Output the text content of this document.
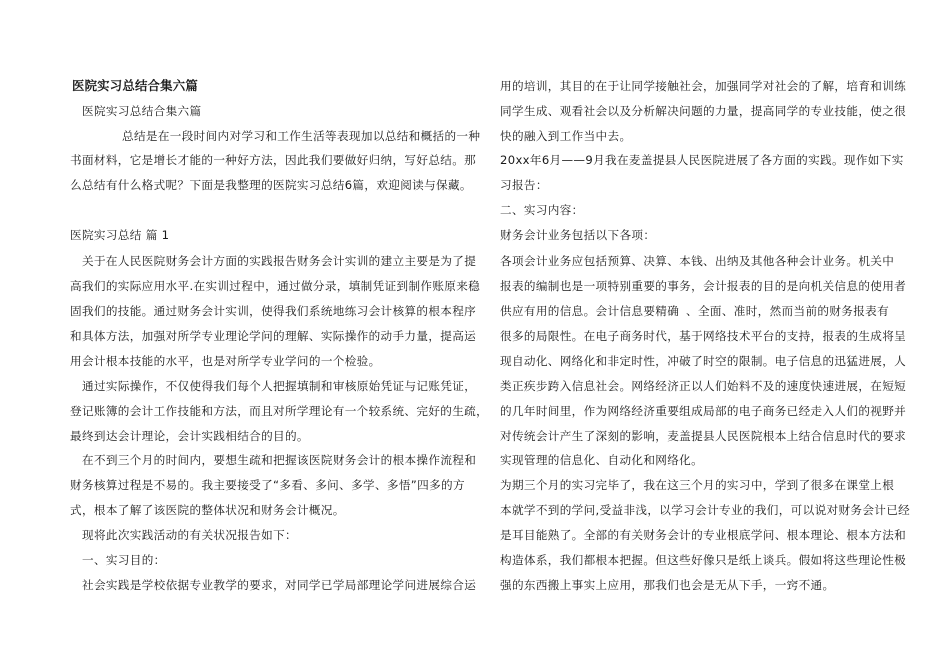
医院实习总结合集六篇
医院实习总结合集六篇
总结是在一段时间内对学习和工作生活等表现加以总结和概括的一种
书面材料，它是增长才能的一种好方法，因此我们要做好归纳，写好总结。那
么总结有什么格式呢？下面是我整理的医院实习总结6篇，欢迎阅读与保藏。
医院实习总结 篇 1
关于在人民医院财务会计方面的实践报告财务会计实训的建立主要是为了提
高我们的实际应用水平.在实训过程中，通过做分录，填制凭证到制作账原来稳
固我们的技能。通过财务会计实训，使得我们系统地练习会计核算的根本程序
和具体方法，加强对所学专业理论学问的理解、实际操作的动手力量，提高运
用会计根本技能的水平，也是对所学专业学问的一个检验。
通过实际操作，不仅使得我们每个人把握填制和审核原始凭证与记账凭证，
登记账簿的会计工作技能和方法，而且对所学理论有一个较系统、完好的生疏，
最终到达会计理论，会计实践相结合的目的。
在不到三个月的时间内，要想生疏和把握该医院财务会计的根本操作流程和
财务核算过程是不易的。我主要接受了“多看、多问、多学、多悟”四多的方
式，根本了解了该医院的整体状况和财务会计概况。
现将此次实践活动的有关状况报告如下：
一、实习目的：
社会实践是学校依据专业教学的要求，对同学已学局部理论学问进展综合运
用的培训，其目的在于让同学接触社会，加强同学对社会的了解，培育和训练
同学生成、观看社会以及分析解决问题的力量，提高同学的专业技能，使之很
快的融入到工作当中去。
20xx年6月——9月我在麦盖提县人民医院进展了各方面的实践。现作如下实
习报告：
二、实习内容：
财务会计业务包括以下各项：
各项会计业务应包括预算、决算、本钱、出纳及其他各种会计业务。机关中
报表的编制也是一项特别重要的事务，会计报表的目的是向机关信息的使用者
供应有用的信息。会计信息要精确 、全面、准时，然而当前的财务报表有
很多的局限性。在电子商务时代，基于网络技术平台的支持，报表的生成将呈
现自动化、网络化和非定时性，冲破了时空的限制。电子信息的迅猛进展，人
类正疾步跨入信息社会。网络经济正以人们始料不及的速度快速进展，在短短
的几年时间里，作为网络经济重要组成局部的电子商务已经走入人们的视野并
对传统会计产生了深刻的影响，麦盖提县人民医院根本上结合信息时代的要求
实现管理的信息化、自动化和网络化。
为期三个月的实习完毕了，我在这三个月的实习中，学到了很多在课堂上根
本就学不到的学问,受益非浅，以学习会计专业的我们，可以说对财务会计已经
是耳目能熟了。全部的有关财务会计的专业根底学问、根本理论、根本方法和
构造体系，我们都根本把握。但这些好像只是纸上谈兵。假如将这些理论性极
强的东西搬上事实上应用，那我们也会是无从下手，一窍不通。
